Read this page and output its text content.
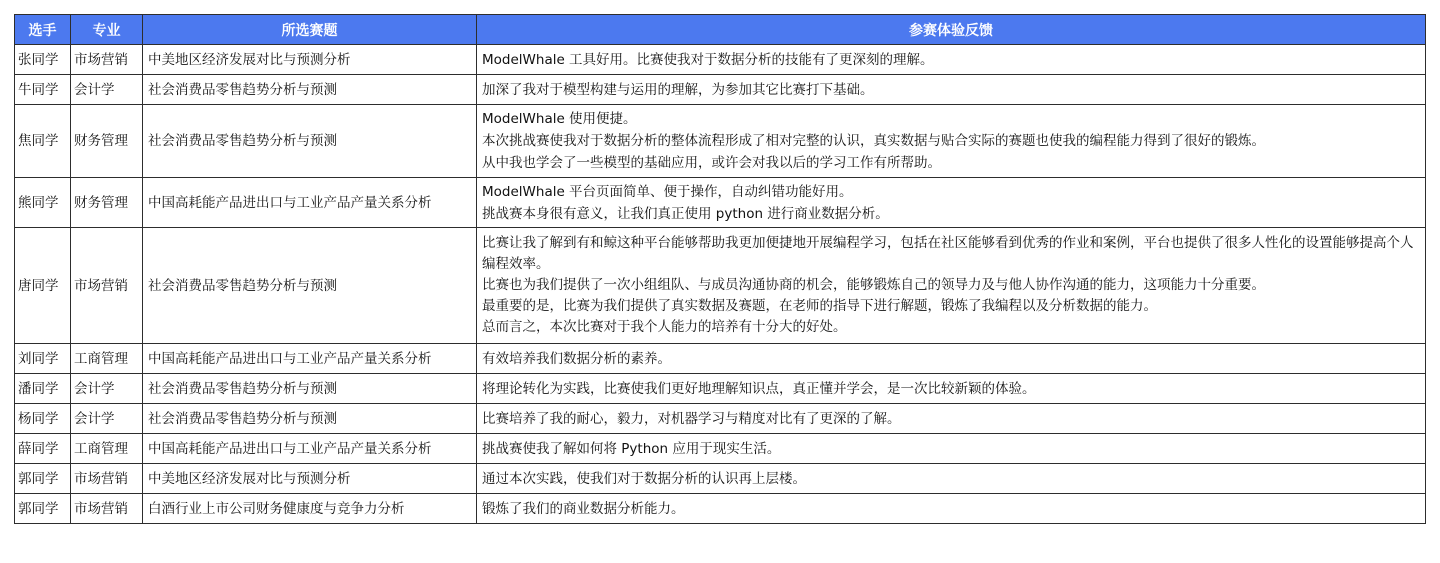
选手	专业	所选赛题	参赛体验反馈
张同学	市场营销	中美地区经济发展对比与预测分析	ModelWhale 工具好用。比赛使我对于数据分析的技能有了更深刻的理解。

牛同学	会计学	社会消费品零售趋势分析与预测	加深了我对于模型构建与运用的理解，为参加其它比赛打下基础。

焦同学	财务管理	社会消费品零售趋势分析与预测	ModelWhale 使用便捷。
本次挑战赛使我对于数据分析的整体流程形成了相对完整的认识，真实数据与贴合实际的赛题也使我的编程能力得到了很好的锻炼。
从中我也学会了一些模型的基础应用，或许会对我以后的学习工作有所帮助。

熊同学	财务管理	中国高耗能产品进出口与工业产品产量关系分析	ModelWhale 平台页面简单、便于操作，自动纠错功能好用。
挑战赛本身很有意义，让我们真正使用 python 进行商业数据分析。

唐同学	市场营销	社会消费品零售趋势分析与预测	比赛让我了解到有和鲸这种平台能够帮助我更加便捷地开展编程学习，包括在社区能够看到优秀的作业和案例，平台也提供了很多人性化的设置能够提高个人编程效率。
比赛也为我们提供了一次小组组队、与成员沟通协商的机会，能够锻炼自己的领导力及与他人协作沟通的能力，这项能力十分重要。
最重要的是，比赛为我们提供了真实数据及赛题，在老师的指导下进行解题，锻炼了我编程以及分析数据的能力。
总而言之，本次比赛对于我个人能力的培养有十分大的好处。

刘同学	工商管理	中国高耗能产品进出口与工业产品产量关系分析	有效培养我们数据分析的素养。

潘同学	会计学	社会消费品零售趋势分析与预测	将理论转化为实践，比赛使我们更好地理解知识点，真正懂并学会，是一次比较新颖的体验。

杨同学	会计学	社会消费品零售趋势分析与预测	比赛培养了我的耐心，毅力，对机器学习与精度对比有了更深的了解。

薛同学	工商管理	中国高耗能产品进出口与工业产品产量关系分析	挑战赛使我了解如何将 Python 应用于现实生活。

郭同学	市场营销	中美地区经济发展对比与预测分析	通过本次实践，使我们对于数据分析的认识再上层楼。

郭同学	市场营销	白酒行业上市公司财务健康度与竞争力分析	锻炼了我们的商业数据分析能力。
